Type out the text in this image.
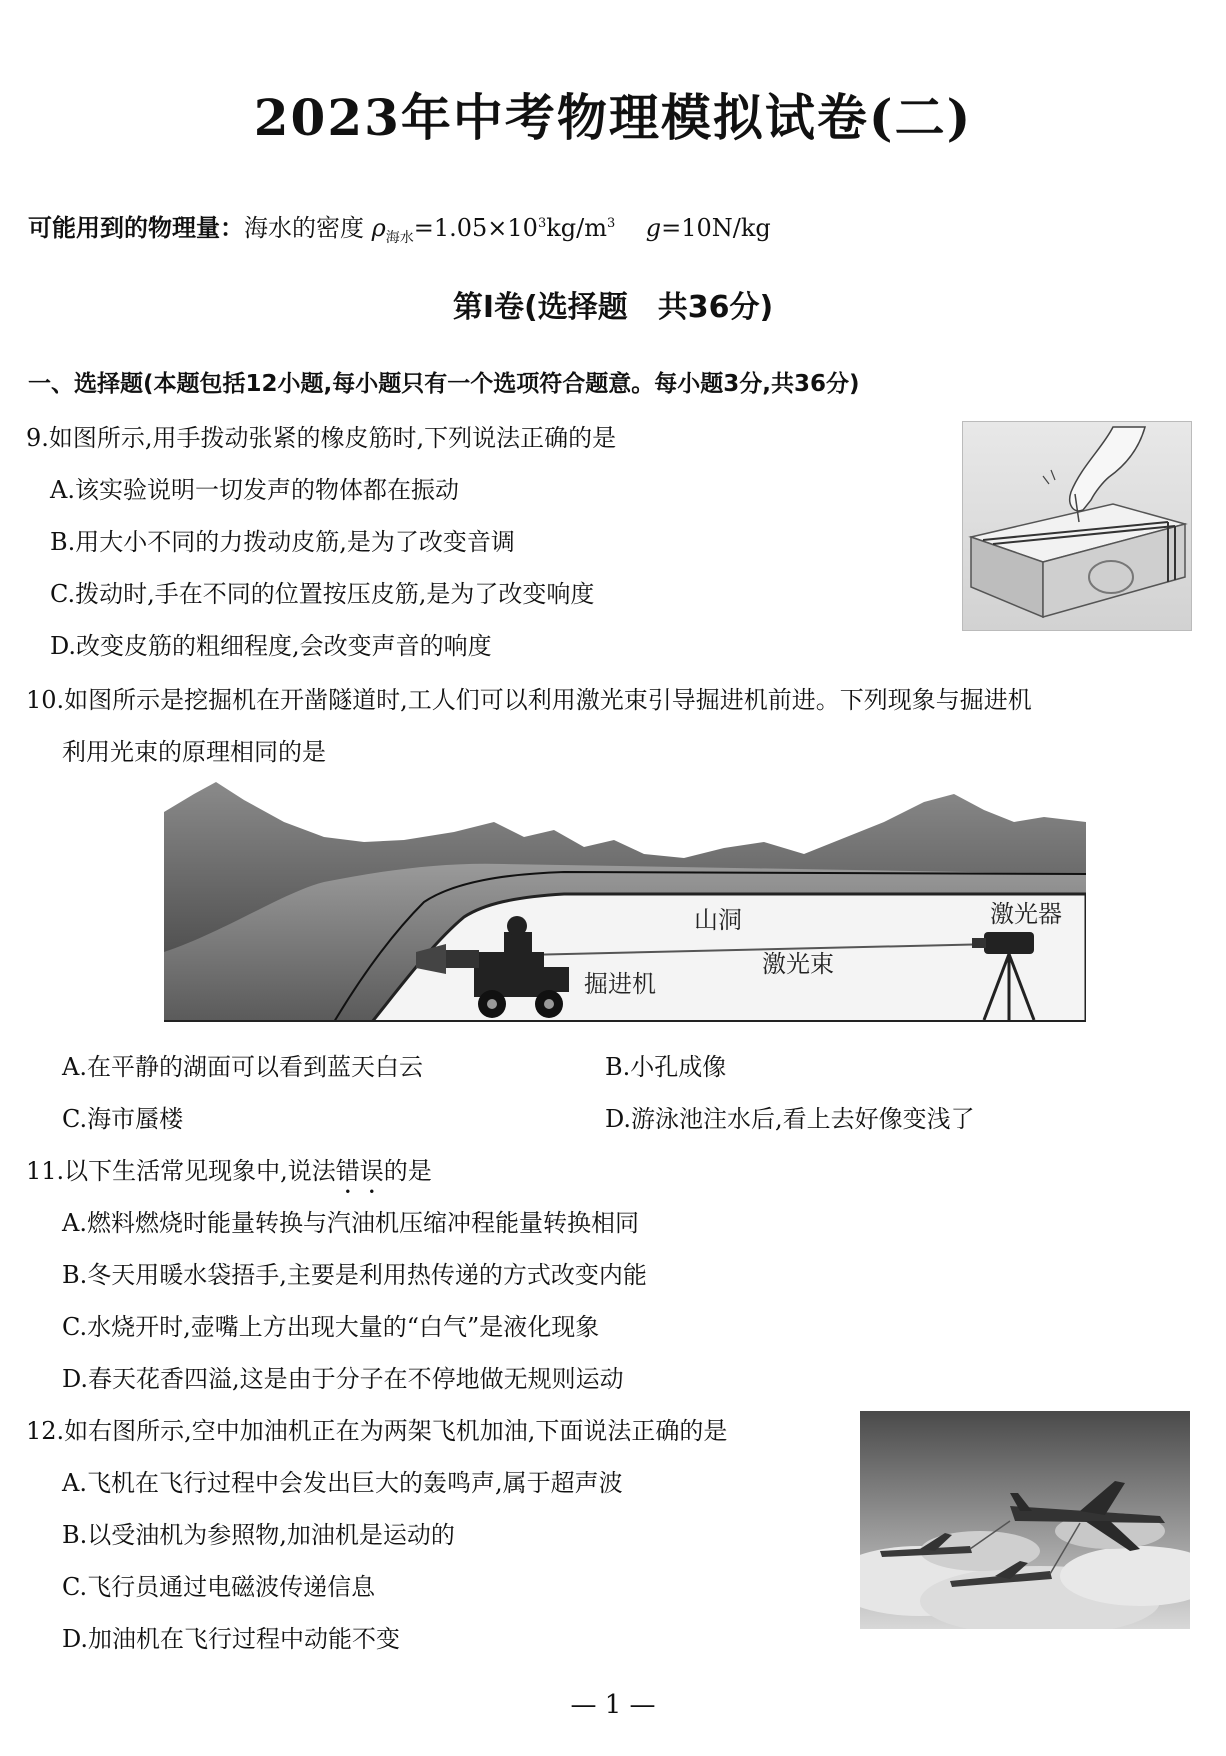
2023年中考物理模拟试卷(二)
可能用到的物理量：海水的密度 $\rho_{海水}=1.05\times 10^3kg/m^3$ g=10N/kg
第Ⅰ卷(选择题　共36分)
一、选择题(本题包括12小题,每小题只有一个选项符合题意。每小题3分,共36分)
9.如图所示,用手拨动张紧的橡皮筋时,下列说法正确的是
A.该实验说明一切发声的物体都在振动
B.用大小不同的力拨动皮筋,是为了改变音调
C.拨动时,手在不同的位置按压皮筋,是为了改变响度
D.改变皮筋的粗细程度,会改变声音的响度
10.如图所示是挖掘机在开凿隧道时,工人们可以利用激光束引导掘进机前进。下列现象与掘进机
利用光束的原理相同的是
山洞	激光器
激光束
掘进机
A.在平静的湖面可以看到蓝天白云	B.小孔成像
C.海市蜃楼	D.游泳池注水后,看上去好像变浅了
11.以下生活常见现象中,说法错误的是
A.燃料燃烧时能量转换与汽油机压缩冲程能量转换相同
B.冬天用暖水袋捂手,主要是利用热传递的方式改变内能
C.水烧开时,壶嘴上方出现大量的“白气”是液化现象
D.春天花香四溢,这是由于分子在不停地做无规则运动
12.如右图所示,空中加油机正在为两架飞机加油,下面说法正确的是
A.飞机在飞行过程中会发出巨大的轰鸣声,属于超声波
B.以受油机为参照物,加油机是运动的
C.飞行员通过电磁波传递信息
D.加油机在飞行过程中动能不变
— 1 —
